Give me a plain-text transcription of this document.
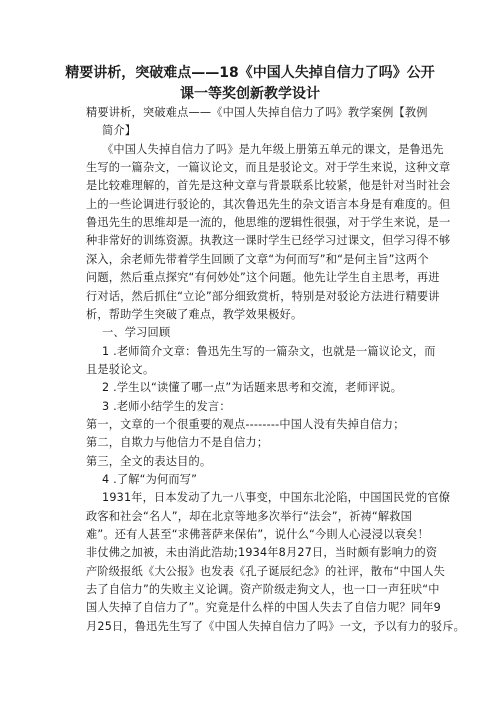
精要讲析，突破难点——18《中国人失掉自信力了吗》公开
课一等奖创新教学设计
精要讲析，突破难点——《中国人失掉自信力了吗》教学案例【教例
简介】
《中国人失掉自信力了吗》是九年级上册第五单元的课文，是鲁迅先
生写的一篇杂文，一篇议论文，而且是驳论文。对于学生来说，这种文章
是比较难理解的，首先是这种文章与背景联系比较紧，他是针对当时社会
上的一些论调进行驳论的，其次鲁迅先生的杂文语言本身是有难度的。但
鲁迅先生的思维却是一流的，他思维的逻辑性很强，对于学生来说，是一
种非常好的训练资源。执教这一课时学生已经学习过课文，但学习得不够
深入，余老师先带着学生回顾了文章“为何而写”和“是何主旨”这两个
问题，然后重点探究“有何妙处”这个问题。他先让学生自主思考，再进
行对话，然后抓住“立论”部分细致赏析，特别是对驳论方法进行精要讲
析，帮助学生突破了难点，教学效果极好。
一、学习回顾
1 .老师简介文章：鲁迅先生写的一篇杂文，也就是一篇议论文，而
且是驳论文。
2 .学生以“读懂了哪一点”为话题来思考和交流，老师评说。
3 .老师小结学生的发言：
第一，文章的一个很重要的观点--------中国人没有失掉自信力；
第二，自欺力与他信力不是自信力；
第三，全文的表达目的。
4 .了解“为何而写”
1931年，日本发动了九一八事变，中国东北沦陷，中国国民党的官僚
政客和社会“名人”，却在北京等地多次举行“法会”，祈祷“解救国
难”。还有人甚至“求佛菩萨来保佑”，说什么“今則人心浸浸以衰矣！
非仗佛之加被，未由消此浩劫;1934年8月27日，当时颇有影响力的资
产阶级报纸《大公报》也发表《孔子诞辰纪念》的社评，散布“中国人失
去了自信力”的失败主义论调。资产阶级走狗文人，也一口一声狂吠“中
国人失掉了自信力了”。究竟是什么样的中国人失去了自信力呢？同年9
月25日，鲁迅先生写了《中国人失掉自信力了吗》一文，予以有力的驳斥。
